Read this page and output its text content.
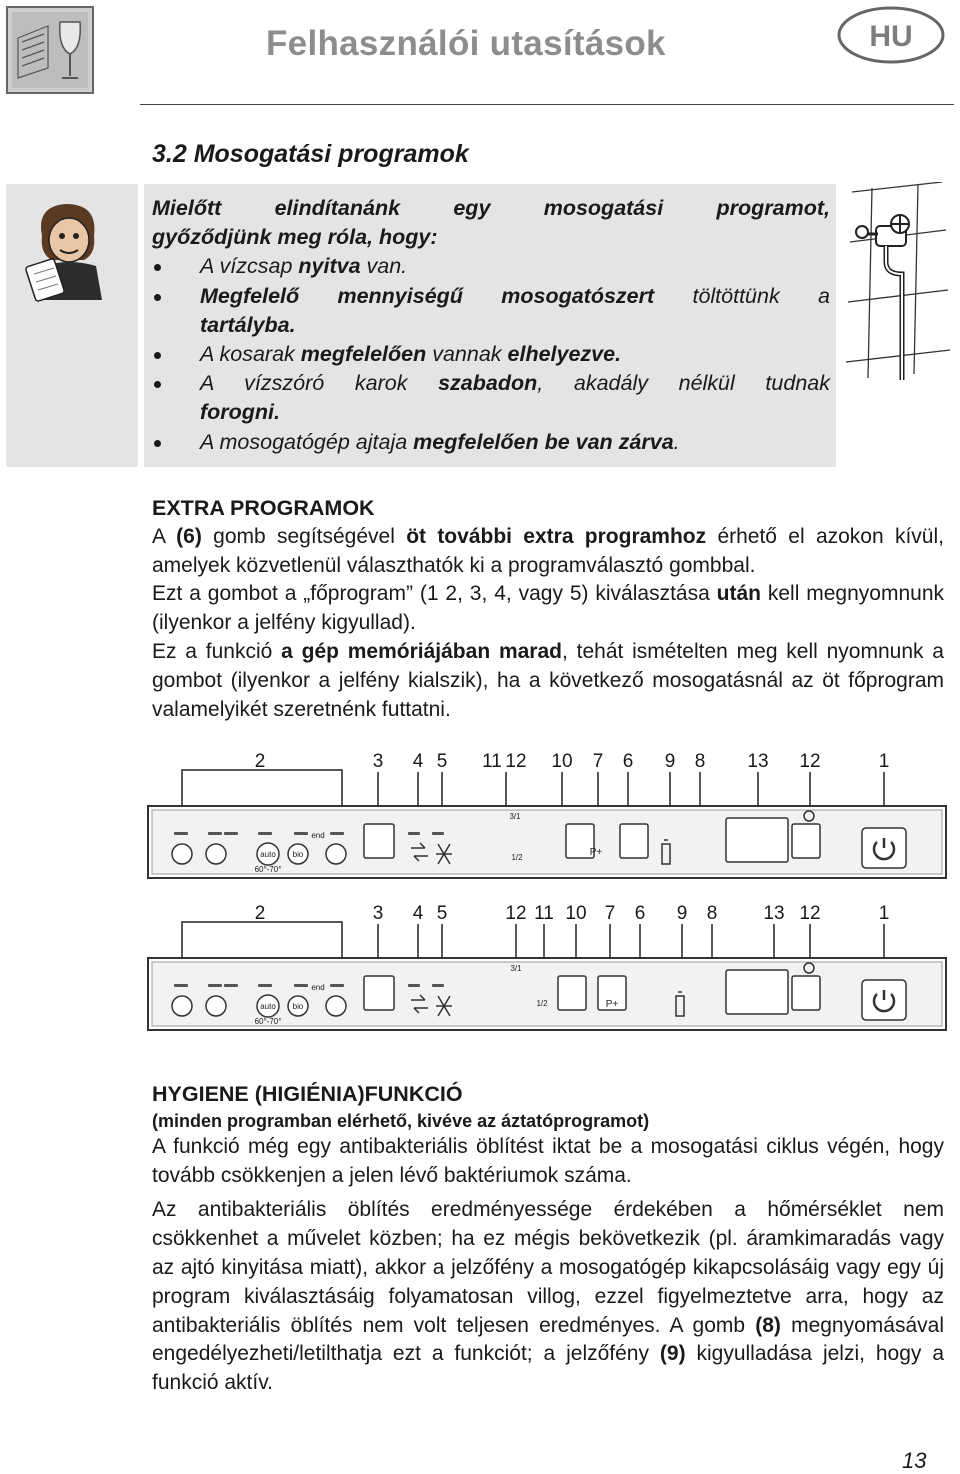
Felhasználói utasítások	HU
3.2 Mosogatási programok
Mielőtt elindítanánk egy mosogatási programot,
győződjünk meg róla, hogy:
A vízcsap nyitva van.
Megfelelő mennyiségű mosogatószert töltöttünk a
tartályba.
A kosarak megfelelően vannak elhelyezve.
A vízszóró karok szabadon, akadály nélkül tudnak
forogni.
A mosogatógép ajtaja megfelelően be van zárva.
EXTRA PROGRAMOK

A (6) gomb segítségével öt további extra programhoz érhető el azokon kívül, amelyek közvetlenül választhatók ki a programválasztó gombbal.

Ezt a gombot a „főprogram” (1 2, 3, 4, vagy 5) kiválasztása után kell megnyomnunk (ilyenkor a jelfény kigyullad).

Ez a funkció a gép memóriájában marad, tehát ismételten meg kell nyomnunk a gombot (ilyenkor a jelfény kialszik), ha a következő mosogatásnál az öt főprogram valamelyikét szeretnénk futtatni.

2	3 4 5 11 12 10 7 6 9 8 13 12	1
auto bio
60°-70°
end
1/2
3/1
P+
2	3 4 5	12 11 10 7 6 9 8 13 12	1
auto bio
60°-70°
end
1/2
3/1
P+
HYGIENE (HIGIÉNIA)FUNKCIÓ
(minden programban elérhető, kivéve az áztatóprogramot)

A funkció még egy antibakteriális öblítést iktat be a mosogatási ciklus végén, hogy tovább csökkenjen a jelen lévő baktériumok száma.

Az antibakteriális öblítés eredményessége érdekében a hőmérséklet nem csökkenhet a művelet közben; ha ez mégis bekövetkezik (pl. áramkimaradás vagy az ajtó kinyitása miatt), akkor a jelzőfény a mosogatógép kikapcsolásáig vagy egy új program kiválasztásáig folyamatosan villog, ezzel figyelmeztetve arra, hogy az antibakteriális öblítés nem volt teljesen eredményes. A gomb (8) megnyomásával engedélyezheti/letilthatja ezt a funkciót; a jelzőfény (9) kigyulladása jelzi, hogy a funkció aktív.

13
